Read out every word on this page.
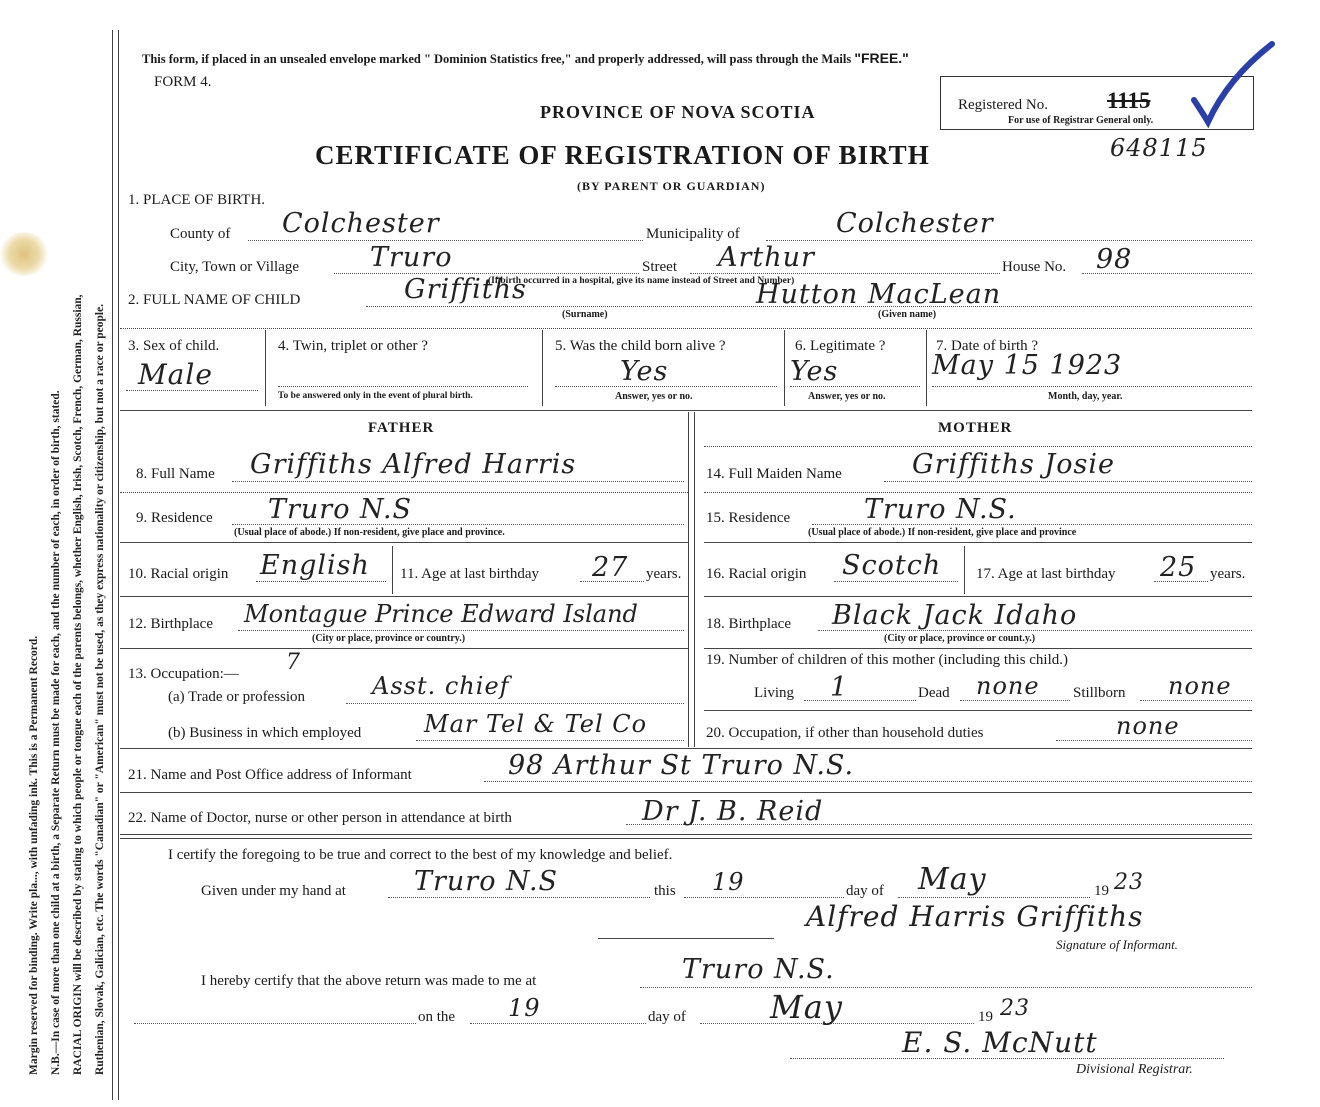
Margin reserved for binding. Write pla..., with unfading ink. This is a Permanent Record. N.B.—In case of more than one child at a birth, a Separate Return must be made for each, and the number of each, in order of birth, stated. RACIAL ORIGIN will be described by stating to which people or tongue each of the parents belongs, whether English, Irish, Scotch, French, German, Russian, Ruthenian, Slovak, Galician, etc. The words "Canadian" or "American" must not be used, as they express nationality or citizenship, but not a race or people.
This form, if placed in an unsealed envelope marked " Dominion Statistics free," and properly addressed, will pass through the Mails "FREE."
FORM 4.
PROVINCE OF NOVA SCOTIA
CERTIFICATE OF REGISTRATION OF BIRTH
(BY PARENT OR GUARDIAN)
Registered No.	1115
For use of Registrar General only.
648115
1. PLACE OF BIRTH.
County of Colchester	Municipality of	Colchester
City, Town or Village	Truro	Street Arthur	House No. 98
(If birth occurred in a hospital, give its name instead of Street and Number)
2. FULL NAME OF CHILD	Griffiths	Hutton MacLean
(Surname)	(Given name)
3. Sex of child.
Male
4. Twin, triplet or other ?
To be answered only in the event of plural birth.
5. Was the child born alive ?
Yes
Answer, yes or no.
6. Legitimate ?
Yes
Answer, yes or no.
7. Date of birth ?
May 15 1923
Month, day, year.
FATHER	MOTHER
8. Full Name Griffiths Alfred Harris	14. Full Maiden Name	Griffiths Josie
9. Residence Truro N.S
(Usual place of abode.) If non-resident, give place and province.
15. Residence	Truro N.S.
(Usual place of abode.) If non-resident, give place and province
10. Racial origin English 11. Age at last birthday 27 years. 16. Racial origin Scotch 17. Age at last birthday 25 years.
12. Birthplace Montague Prince Edward Island
(City or place, province or country.)
18. Birthplace Black Jack Idaho
(City or place, province or count.y.)
13. Occupation:— 7
(a) Trade or profession	Asst. chief
(b) Business in which employed	Mar Tel & Tel Co
19. Number of children of this mother (including this child.)
Living 1	Dead none Stillborn none
20. Occupation, if other than household duties	none
21. Name and Post Office address of Informant	98 Arthur St Truro N.S.
22. Name of Doctor, nurse or other person in attendance at birth	Dr J. B. Reid
I certify the foregoing to be true and correct to the best of my knowledge and belief.
Given under my hand at	Truro N.S	this 19	day of May	19 23
Alfred Harris Griffiths
Signature of Informant.
I hereby certify that the above return was made to me at	Truro N.S.
on the 19	day of	May	19 23
E. S. McNutt
Divisional Registrar.
